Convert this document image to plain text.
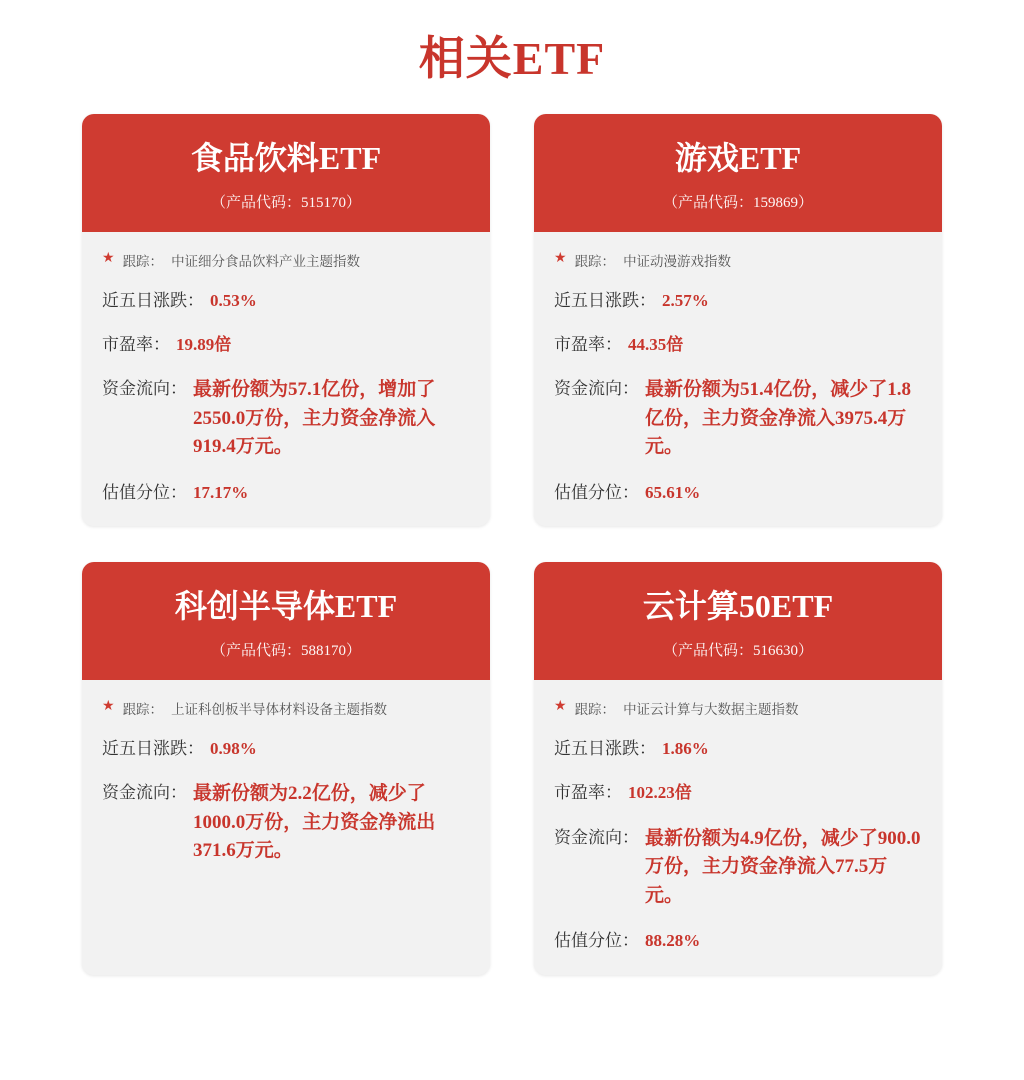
相关ETF
食品饮料ETF
（产品代码：515170）
★ 跟踪： 中证细分食品饮料产业主题指数
近五日涨跌： 0.53%
市盈率： 19.89倍
资金流向： 最新份额为57.1亿份，增加了2550.0万份，主力资金净流入919.4万元。
估值分位： 17.17%
游戏ETF
（产品代码：159869）
★ 跟踪： 中证动漫游戏指数
近五日涨跌： 2.57%
市盈率： 44.35倍
资金流向： 最新份额为51.4亿份，减少了1.8亿份，主力资金净流入3975.4万元。
估值分位： 65.61%
科创半导体ETF
（产品代码：588170）
★ 跟踪： 上证科创板半导体材料设备主题指数
近五日涨跌： 0.98%
资金流向： 最新份额为2.2亿份，减少了1000.0万份，主力资金净流出371.6万元。
云计算50ETF
（产品代码：516630）
★ 跟踪： 中证云计算与大数据主题指数
近五日涨跌： 1.86%
市盈率： 102.23倍
资金流向： 最新份额为4.9亿份，减少了900.0万份，主力资金净流入77.5万元。
估值分位： 88.28%
